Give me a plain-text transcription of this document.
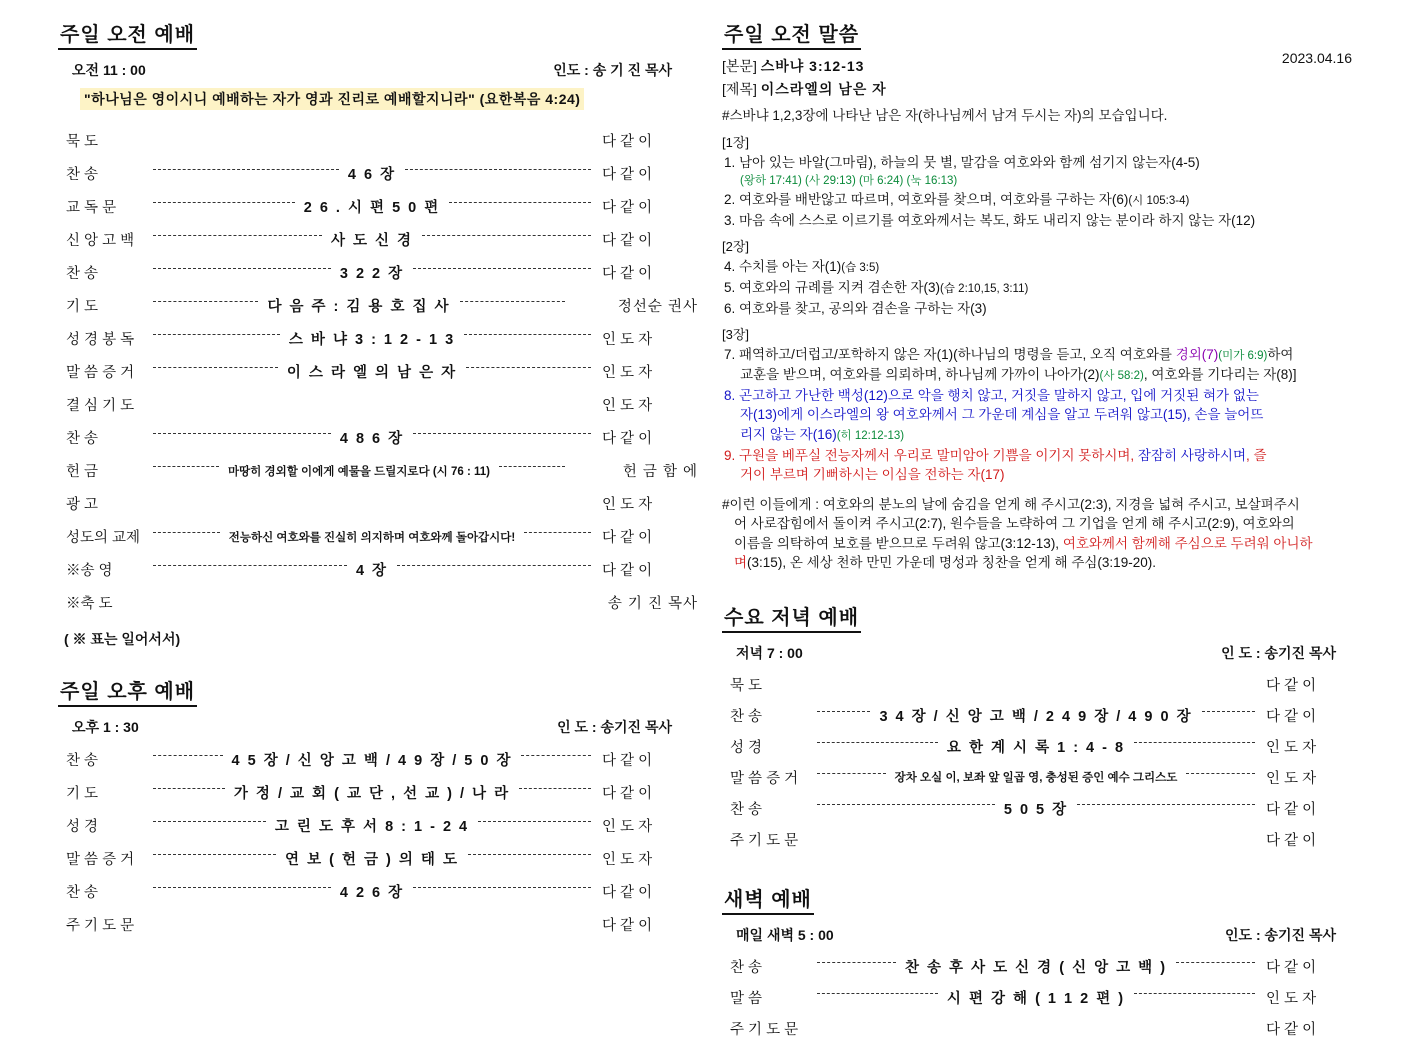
주일 오전 예배
오전 11 : 00	인도 : 송 기 진 목사
"하나님은 영이시니 예배하는 자가 영과 진리로 예배할지니라" (요한복음 4:24)
묵 도	다 같 이
찬 송	4 6 장	다 같 이
교 독 문	2 6 . 시 편 5 0 편	다 같 이
신 앙 고 백	사 도 신 경	다 같 이
찬 송	3 2 2 장	다 같 이
기 도	다 음 주 : 김 용 호 집 사	정선순 권사
성 경 봉 독	스 바 냐 3 : 1 2 - 1 3	인 도 자
말 씀 증 거	이 스 라 엘 의 남 은 자	인 도 자
결 심 기 도	인 도 자
찬 송	4 8 6 장	다 같 이
헌 금	마땅히 경외할 이에게 예물을 드릴지로다 (시 76 : 11)	헌 금 함 에
광 고	인 도 자
성도의 교제	전능하신 여호와를 진실히 의지하며 여호와께 돌아갑시다!	다 같 이
※송 영	4 장	다 같 이
※축 도	송 기 진 목사
( ※ 표는 일어서서)
주일 오후 예배
오후 1 : 30	인 도 : 송기진 목사
찬 송	4 5 장 / 신 앙 고 백 / 4 9 장 / 5 0 장	다 같 이
기 도	가 정 / 교 회 ( 교 단 , 선 교 ) / 나 라	다 같 이
성 경	고 린 도 후 서 8 : 1 - 2 4	인 도 자
말 씀 증 거	연 보 ( 헌 금 ) 의 태 도	인 도 자
찬 송	4 2 6 장	다 같 이
주 기 도 문	다 같 이
주일 오전 말씀
2023.04.16
[본문] 스바냐 3:12-13
[제목] 이스라엘의 남은 자
#스바냐 1,2,3장에 나타난 남은 자(하나님께서 남겨 두시는 자)의 모습입니다.
[1장]
1. 남아 있는 바알(그마림), 하늘의 뭇 별, 말감을 여호와와 함께 섬기지 않는자(4-5)
(왕하 17:41) (사 29:13) (마 6:24) (눅 16:13)
2. 여호와를 배반않고 따르며, 여호와를 찾으며, 여호와를 구하는 자(6)(시 105:3-4)
3. 마음 속에 스스로 이르기를 여호와께서는 복도, 화도 내리지 않는 분이라 하지 않는 자(12)
[2장]
4. 수치를 아는 자(1)(습 3:5)
5. 여호와의 규례를 지켜 겸손한 자(3)(습 2:10,15, 3:11)
6. 여호와를 찾고, 공의와 겸손을 구하는 자(3)
[3장]
7. 패역하고/더럽고/포학하지 않은 자(1)(하나님의 명령을 듣고, 오직 여호와를 경외(7)(미가 6:9)하여
교훈을 받으며, 여호와를 의뢰하며, 하나님께 가까이 나아가(2)(사 58:2), 여호와를 기다리는 자(8)]
8. 곤고하고 가난한 백성(12)으로 악을 행치 않고, 거짓을 말하지 않고, 입에 거짓된 혀가 없는
자(13)에게 이스라엘의 왕 여호와께서 그 가운데 계심을 알고 두려워 않고(15), 손을 늘어뜨
리지 않는 자(16)(히 12:12-13)
9. 구원을 베푸실 전능자께서 우리로 말미암아 기쁨을 이기지 못하시며, 잠잠히 사랑하시며, 즐
거이 부르며 기뻐하시는 이심을 전하는 자(17)
#이런 이들에게 : 여호와의 분노의 날에 숨김을 얻게 해 주시고(2:3), 지경을 넓혀 주시고, 보살펴주시
어 사로잡힘에서 돌이켜 주시고(2:7), 원수들을 노략하여 그 기업을 얻게 해 주시고(2:9), 여호와의
이름을 의탁하여 보호를 받으므로 두려워 않고(3:12-13), 여호와께서 함께해 주심으로 두려워 아니하
며(3:15), 온 세상 천하 만민 가운데 명성과 칭찬을 얻게 해 주심(3:19-20).
수요 저녁 예배
저녁 7 : 00	인 도 : 송기진 목사
묵 도	다 같 이
찬 송	3 4 장 / 신 앙 고 백 / 2 4 9 장 / 4 9 0 장	다 같 이
성 경	요 한 계 시 록 1 : 4 - 8	인 도 자
말 씀 증 거	장차 오실 이, 보좌 앞 일곱 영, 충성된 증인 예수 그리스도	인 도 자
찬 송	5 0 5 장	다 같 이
주 기 도 문	다 같 이
새벽 예배
매일 새벽 5 : 00	인도 : 송기진 목사
찬 송	찬 송 후 사 도 신 경 ( 신 앙 고 백 )	다 같 이
말 씀	시 편 강 해 ( 1 1 2 편 )	인 도 자
주 기 도 문	다 같 이
